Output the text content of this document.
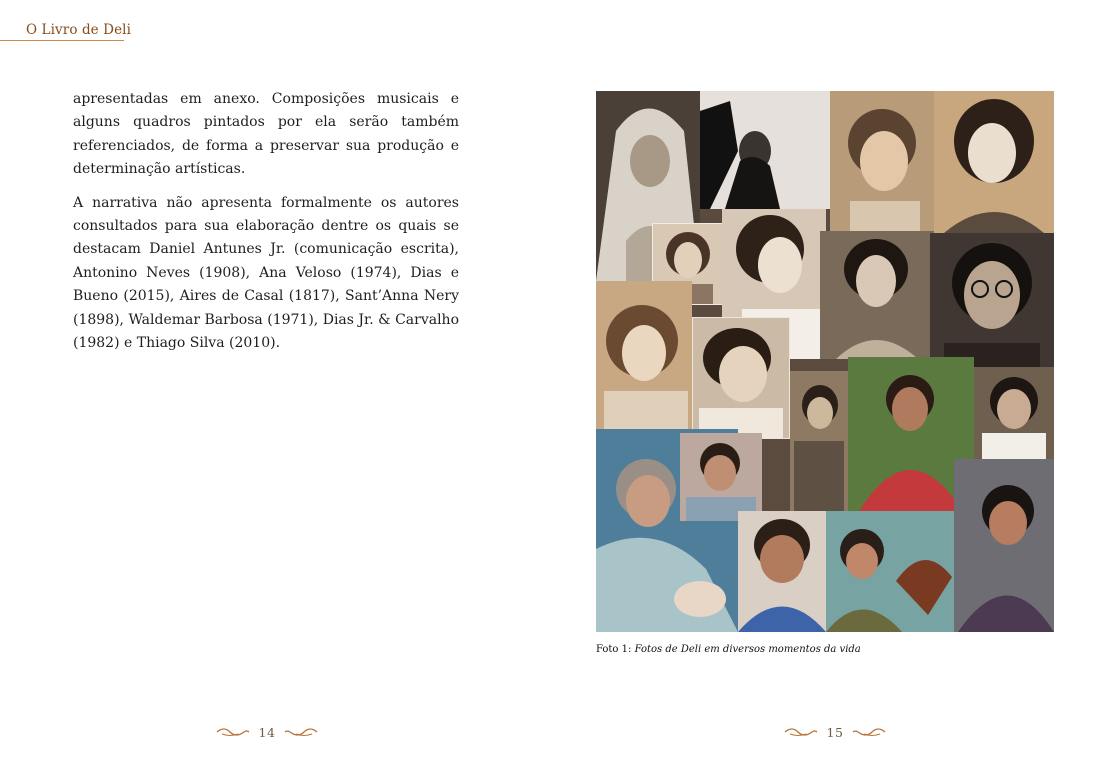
O Livro de Deli

apresentadas em anexo. Composições musicais e alguns quadros pintados por ela serão também referenciados, de forma a preservar sua produção e determinação artísticas.

A narrativa não apresenta formalmente os autores consultados para sua elaboração dentre os quais se destacam Daniel Antunes Jr. (comunicação escrita), Antonino Neves (1908), Ana Veloso (1974), Dias e Bueno (2015), Aires de Casal (1817), Sant’Anna Nery (1898), Waldemar Barbosa (1971), Dias Jr. & Carvalho (1982) e Thiago Silva (2010).

Foto 1: Fotos de Deli em diversos momentos da vida
14	15
